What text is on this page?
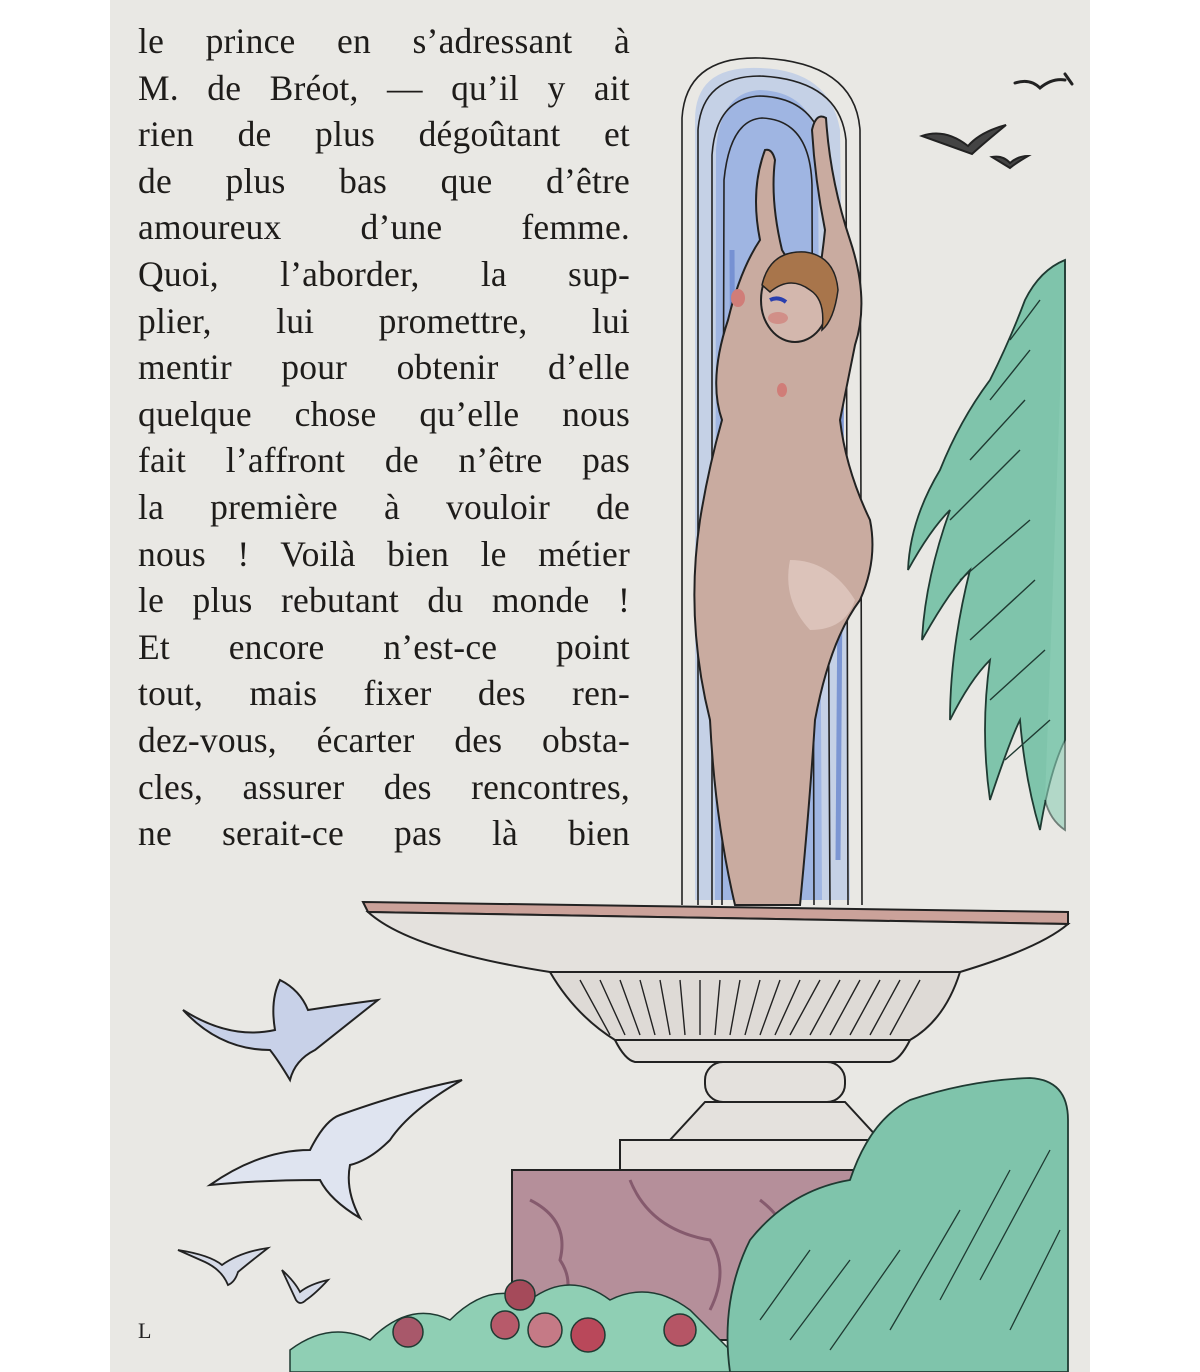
le prince en s’adressant à
M. de Bréot, — qu’il y ait
rien de plus dégoûtant et
de plus bas que d’être
amoureux d’une femme.
Quoi, l’aborder, la sup-
plier, lui promettre, lui
mentir pour obtenir d’elle
quelque chose qu’elle nous
fait l’affront de n’être pas
la première à vouloir de
nous ! Voilà bien le métier
le plus rebutant du monde !
Et encore n’est-ce point
tout, mais fixer des ren-
dez-vous, écarter des obsta-
cles, assurer des rencontres,
ne serait-ce pas là bien
L
